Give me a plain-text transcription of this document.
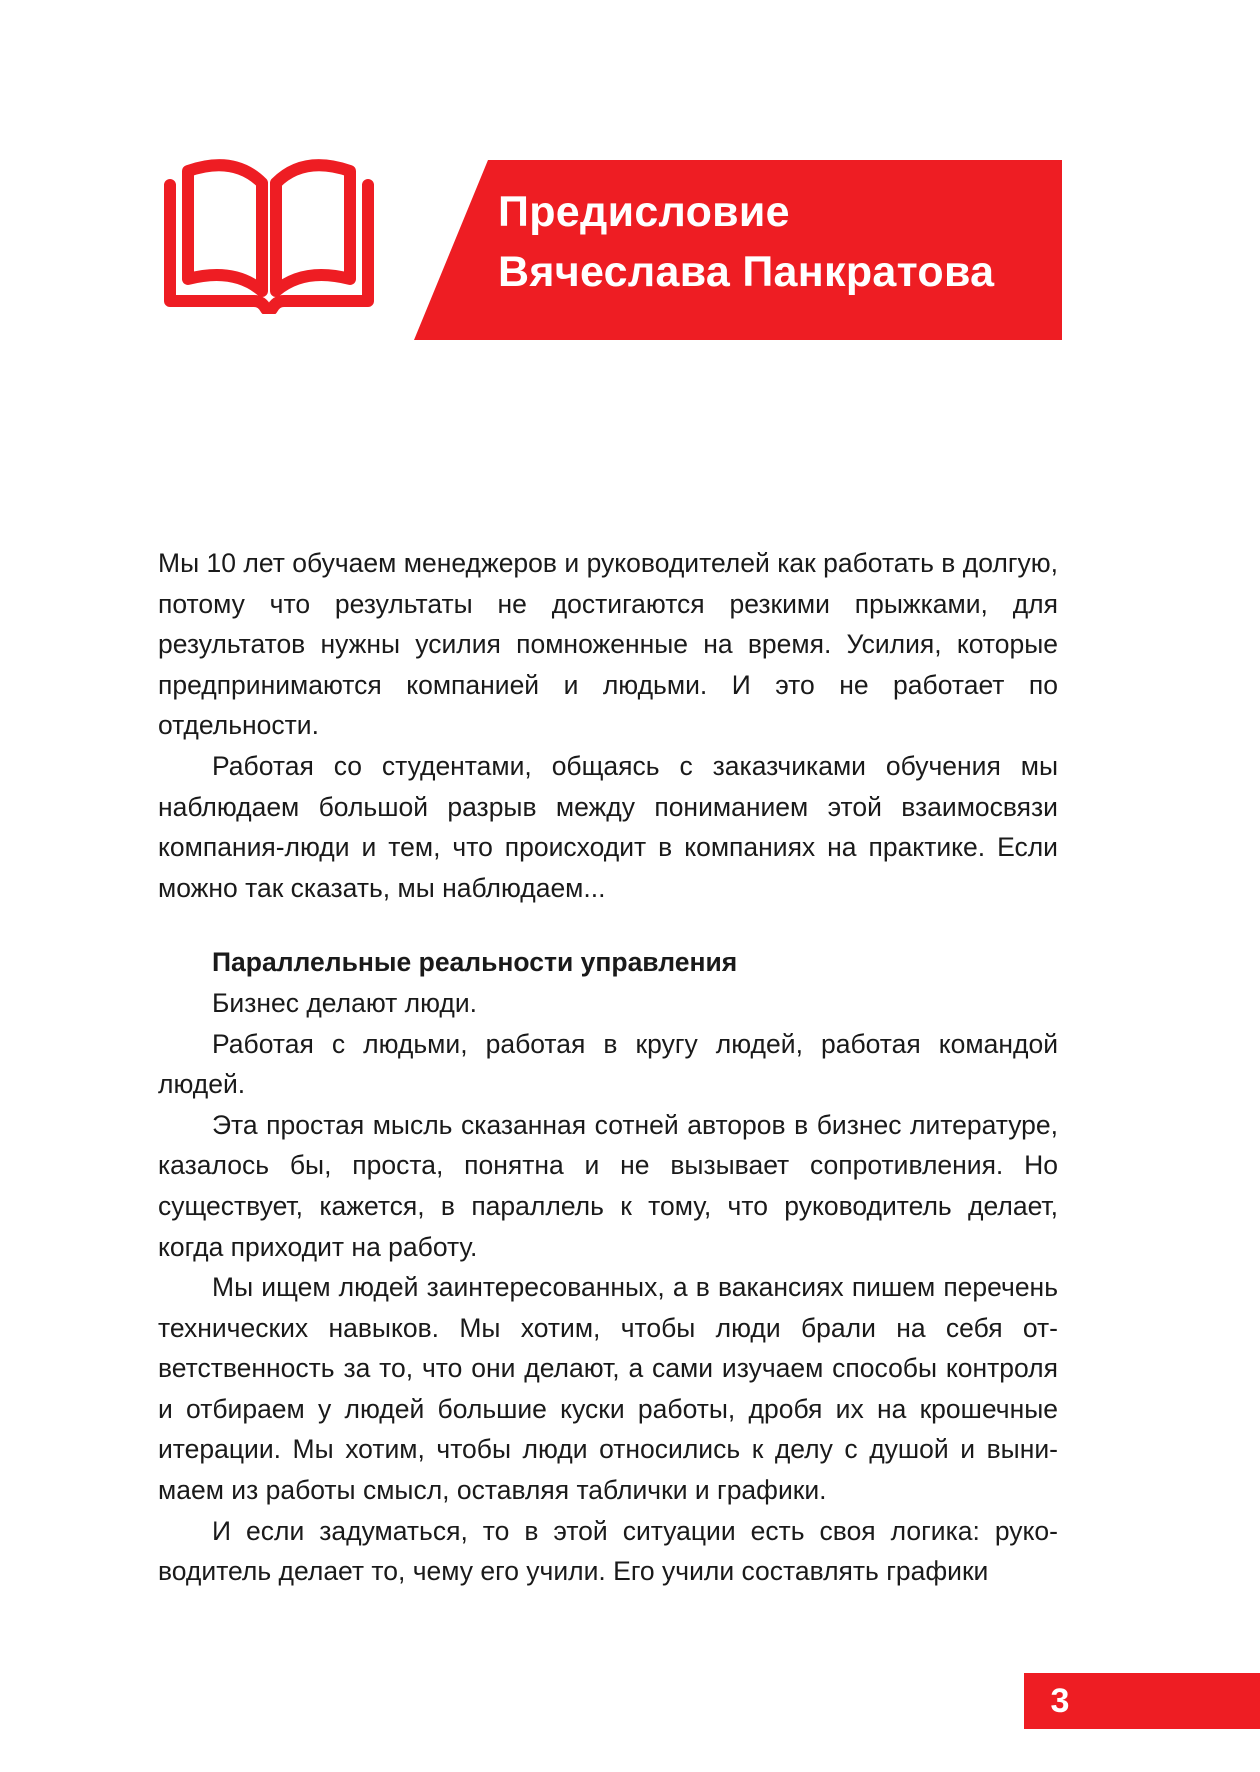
Предисловие
Вячеслава Панкратова

Мы 10 лет обучаем менеджеров и руководителей как работать в долгую, потому что результаты не достигаются резкими прыжками, для результатов нужны усилия помноженные на время. Усилия, которые предпринимаются компанией и людьми. И это не работает по отдельности.

Работая со студентами, общаясь с заказчиками обучения мы наблюдаем большой разрыв между пониманием этой взаимосвязи компания-люди и тем, что происходит в компаниях на практике. Если можно так сказать, мы наблюдаем...

Параллельные реальности управления

Бизнес делают люди.

Работая с людьми, работая в кругу людей, работая командой людей.

Эта простая мысль сказанная сотней авторов в бизнес литературе, казалось бы, проста, понятна и не вызывает сопротивления. Но существует, кажется, в параллель к тому, что руководитель делает, когда приходит на работу.

Мы ищем людей заинтересованных, а в вакансиях пишем перечень технических навыков. Мы хотим, чтобы люди брали на себя ответственность за то, что они делают, а сами изучаем способы контроля и отбираем у людей большие куски работы, дробя их на крошечные итерации. Мы хотим, чтобы люди относились к делу с душой и вынимаем из работы смысл, оставляя таблички и графики.

И если задуматься, то в этой ситуации есть своя логика: руководитель делает то, чему его учили. Его учили составлять графики

3
